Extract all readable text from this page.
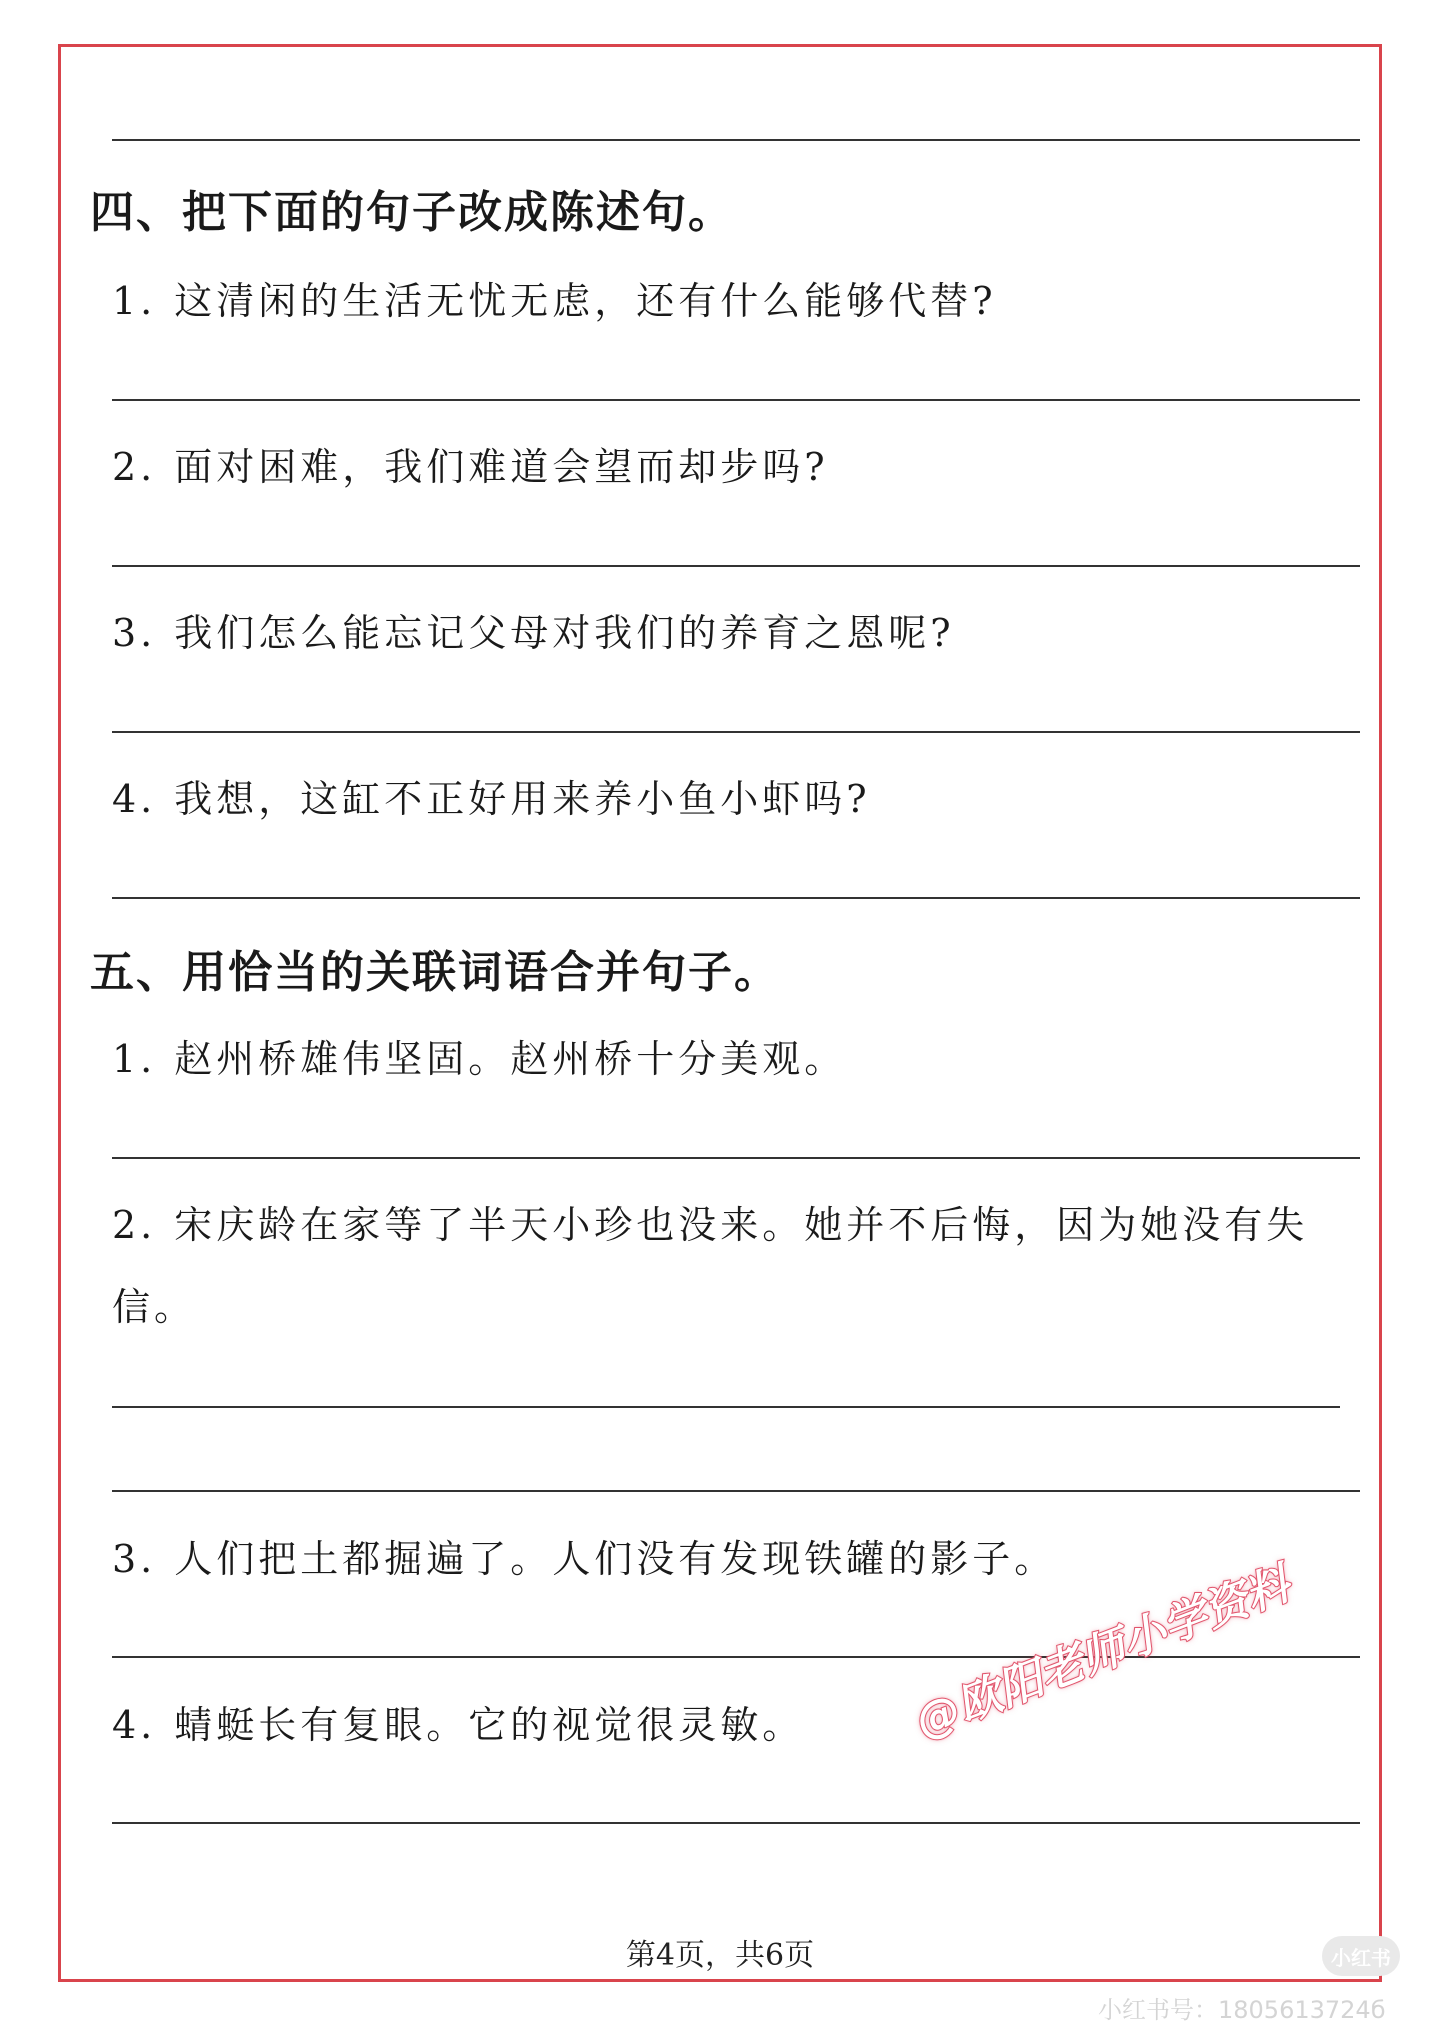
四、把下面的句子改成陈述句。
1. 这清闲的生活无忧无虑，还有什么能够代替?
2. 面对困难，我们难道会望而却步吗?
3. 我们怎么能忘记父母对我们的养育之恩呢?
4. 我想，这缸不正好用来养小鱼小虾吗?
五、用恰当的关联词语合并句子。
1. 赵州桥雄伟坚固。赵州桥十分美观。
2. 宋庆龄在家等了半天小珍也没来。她并不后悔，因为她没有失
信。
3. 人们把土都掘遍了。人们没有发现铁罐的影子。
4. 蜻蜓长有复眼。它的视觉很灵敏。 @欧阳老师小学资料
第4页，共6页	小红书
小红书号：1805613724б
